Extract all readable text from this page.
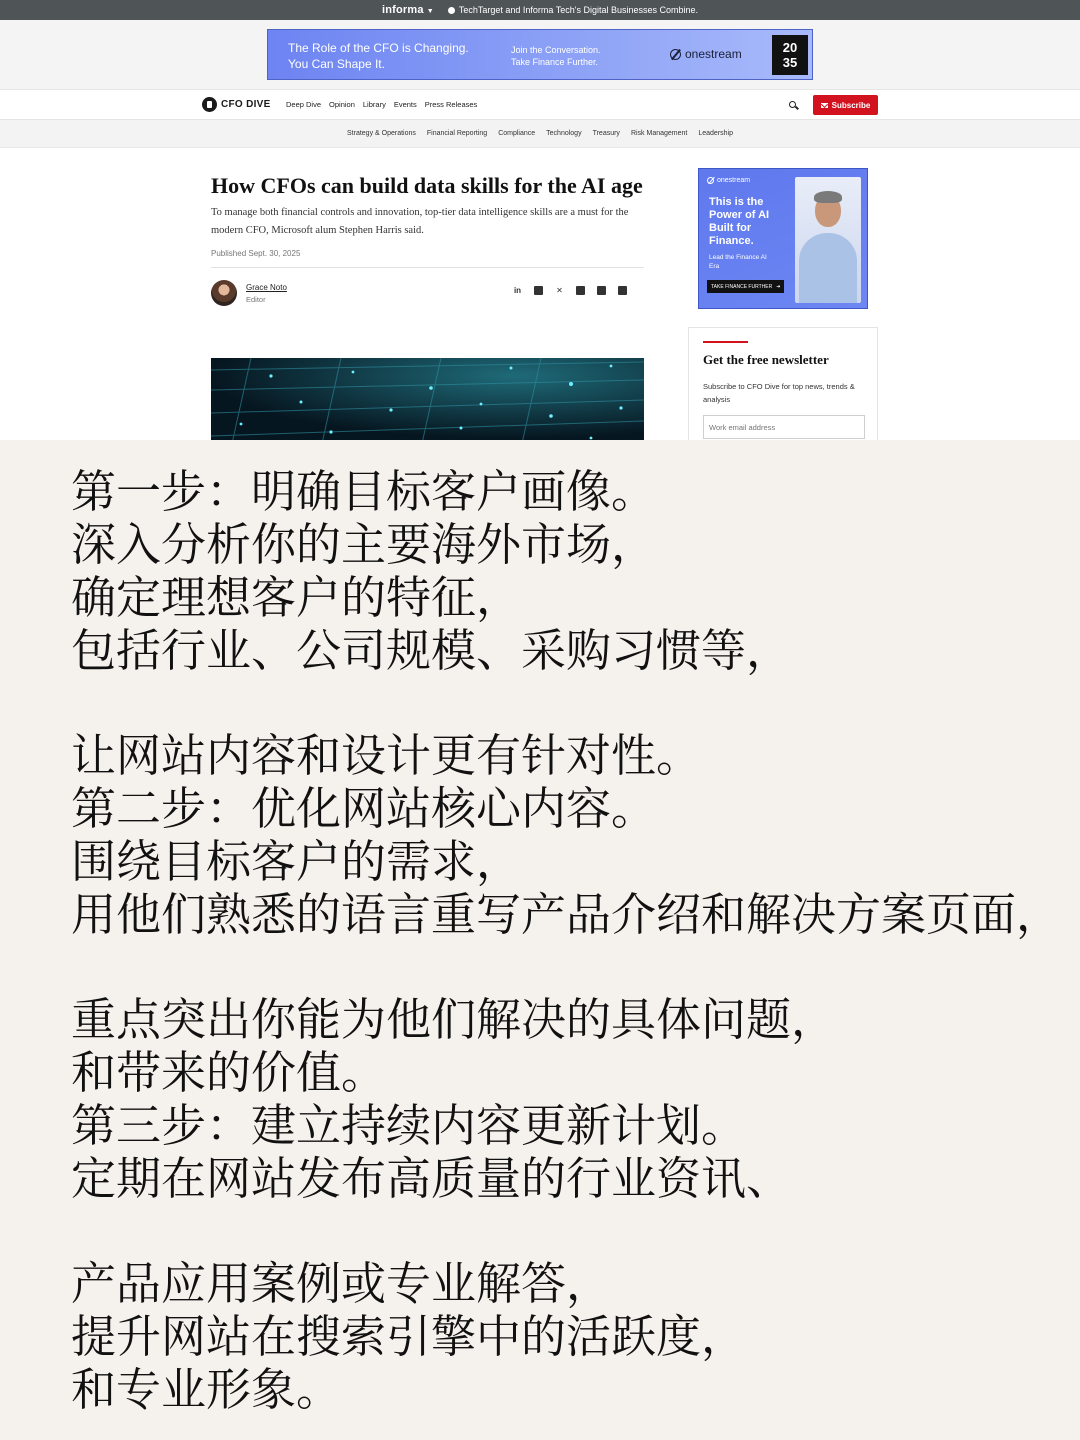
informa ▼	TechTarget and Informa Tech's Digital Businesses Combine.
The Role of the CFO is Changing.
You Can Shape It.
Join the Conversation.
Take Finance Further.
onestream	20
35
CFO DIVE Deep Dive Opinion Library Events Press Releases	Subscribe
Strategy & Operations Financial Reporting Compliance Technology Treasury Risk Management Leadership
How CFOs can build data skills for the AI age

To manage both financial controls and innovation, top-tier data intelligence skills are a must for the modern CFO, Microsoft alum Stephen Harris said.

Published Sept. 30, 2025

Grace Noto
Editor
in	✕
onestream
This is the Power of AI Built for Finance.
Lead the Finance AI Era
TAKE FINANCE FURTHER ➔
Get the free newsletter
Subscribe to CFO Dive for top news, trends & analysis
Work email address
第一步：明确目标客户画像。
深入分析你的主要海外市场，
确定理想客户的特征，
包括行业、公司规模、采购习惯等，
让网站内容和设计更有针对性。
第二步：优化网站核心内容。
围绕目标客户的需求，
用他们熟悉的语言重写产品介绍和解决方案页面，
重点突出你能为他们解决的具体问题，
和带来的价值。
第三步：建立持续内容更新计划。
定期在网站发布高质量的行业资讯、
产品应用案例或专业解答，
提升网站在搜索引擎中的活跃度，
和专业形象。
